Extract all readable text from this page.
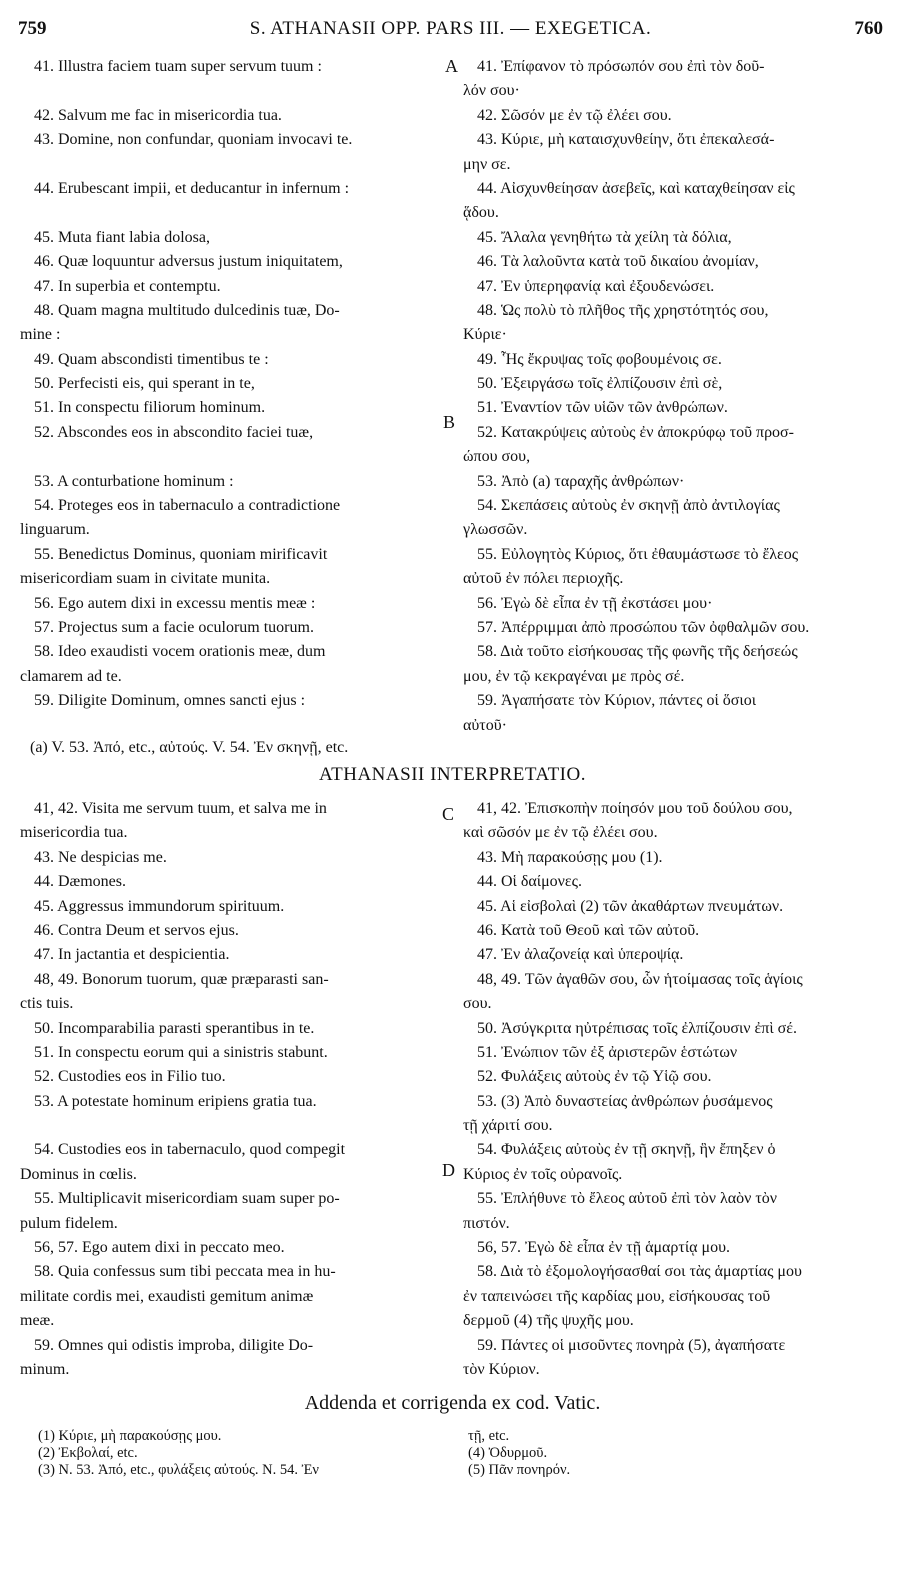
759	S. ATHANASII OPP. PARS III. — EXEGETICA.	760
41. Illustra faciem tuam super servum tuum :
42. Salvum me fac in misericordia tua.
43. Domine, non confundar, quoniam invocavi te.
44. Erubescant impii, et deducantur in infernum :
45. Muta fiant labia dolosa,
46. Quæ loquuntur adversus justum iniquitatem,
47. In superbia et contemptu.
48. Quam magna multitudo dulcedinis tuæ, Do-
mine :
49. Quam abscondisti timentibus te :
50. Perfecisti eis, qui sperant in te,
51. In conspectu filiorum hominum.
52. Abscondes eos in abscondito faciei tuæ,
53. A conturbatione hominum :
54. Proteges eos in tabernaculo a contradictione
linguarum.
55. Benedictus Dominus, quoniam mirificavit
misericordiam suam in civitate munita.
56. Ego autem dixi in excessu mentis meæ :
57. Projectus sum a facie oculorum tuorum.
58. Ideo exaudisti vocem orationis meæ, dum
clamarem ad te.
59. Diligite Dominum, omnes sancti ejus :
41. Ἐπίφανον τὸ πρόσωπόν σου ἐπὶ τὸν δοῦ-
λόν σου·
42. Σῶσόν με ἐν τῷ ἐλέει σου.
43. Κύριε, μὴ καταισχυνθείην, ὅτι ἐπεκαλεσά-
μην σε.
44. Αἰσχυνθείησαν ἀσεβεῖς, καὶ καταχθείησαν εἰς
ᾅδου.
45. Ἄλαλα γενηθήτω τὰ χείλη τὰ δόλια,
46. Τὰ λαλοῦντα κατὰ τοῦ δικαίου ἀνομίαν,
47. Ἐν ὑπερηφανίᾳ καὶ ἐξουδενώσει.
48. Ὡς πολὺ τὸ πλῆθος τῆς χρηστότητός σου,
Κύριε·
49. Ἧς ἔκρυψας τοῖς φοβουμένοις σε.
50. Ἐξειργάσω τοῖς ἐλπίζουσιν ἐπὶ σὲ,
51. Ἐναντίον τῶν υἱῶν τῶν ἀνθρώπων.
52. Κατακρύψεις αὐτοὺς ἐν ἀποκρύφῳ τοῦ προσ-
ώπου σου,
53. Ἀπὸ (a) ταραχῆς ἀνθρώπων·
54. Σκεπάσεις αὐτοὺς ἐν σκηνῇ ἀπὸ ἀντιλογίας
γλωσσῶν.
55. Εὐλογητὸς Κύριος, ὅτι ἐθαυμάστωσε τὸ ἔλεος
αὐτοῦ ἐν πόλει περιοχῆς.
56. Ἐγὼ δὲ εἶπα ἐν τῇ ἐκστάσει μου·
57. Ἀπέρριμμαι ἀπὸ προσώπου τῶν ὀφθαλμῶν σου.
58. Διὰ τοῦτο εἰσήκουσας τῆς φωνῆς τῆς δεήσεώς
μου, ἐν τῷ κεκραγέναι με πρὸς σέ.
59. Ἀγαπήσατε τὸν Κύριον, πάντες οἱ ὅσιοι
αὐτοῦ·
A
B
(a) V. 53. Ἀπό, etc., αὐτούς. V. 54. Ἐν σκηνῇ, etc.
ATHANASII INTERPRETATIO.
41, 42. Visita me servum tuum, et salva me in
misericordia tua.
43. Ne despicias me.
44. Dæmones.
45. Aggressus immundorum spirituum.
46. Contra Deum et servos ejus.
47. In jactantia et despicientia.
48, 49. Bonorum tuorum, quæ præparasti san-
ctis tuis.
50. Incomparabilia parasti sperantibus in te.
51. In conspectu eorum qui a sinistris stabunt.
52. Custodies eos in Filio tuo.
53. A potestate hominum eripiens gratia tua.
54. Custodies eos in tabernaculo, quod compegit
Dominus in cœlis.
55. Multiplicavit misericordiam suam super po-
pulum fidelem.
56, 57. Ego autem dixi in peccato meo.
58. Quia confessus sum tibi peccata mea in hu-
militate cordis mei, exaudisti gemitum animæ
meæ.
59. Omnes qui odistis improba, diligite Do-
minum.
41, 42. Ἐπισκοπὴν ποίησόν μου τοῦ δούλου σου,
καὶ σῶσόν με ἐν τῷ ἐλέει σου.
43. Μὴ παρακούσῃς μου (1).
44. Οἱ δαίμονες.
45. Αἱ εἰσβολαὶ (2) τῶν ἀκαθάρτων πνευμάτων.
46. Κατὰ τοῦ Θεοῦ καὶ τῶν αὐτοῦ.
47. Ἐν ἀλαζονείᾳ καὶ ὑπεροψίᾳ.
48, 49. Τῶν ἀγαθῶν σου, ὧν ἡτοίμασας τοῖς ἁγίοις
σου.
50. Ἀσύγκριτα ηὐτρέπισας τοῖς ἐλπίζουσιν ἐπὶ σέ.
51. Ἐνώπιον τῶν ἐξ ἀριστερῶν ἑστώτων
52. Φυλάξεις αὐτοὺς ἐν τῷ Υἱῷ σου.
53. (3) Ἀπὸ δυναστείας ἀνθρώπων ῥυσάμενος
τῇ χάριτί σου.
54. Φυλάξεις αὐτοὺς ἐν τῇ σκηνῇ, ἣν ἔπηξεν ὁ
Κύριος ἐν τοῖς οὐρανοῖς.
55. Ἐπλήθυνε τὸ ἔλεος αὐτοῦ ἐπὶ τὸν λαὸν τὸν
πιστόν.
56, 57. Ἐγὼ δὲ εἶπα ἐν τῇ ἁμαρτίᾳ μου.
58. Διὰ τὸ ἐξομολογήσασθαί σοι τὰς ἁμαρτίας μου
ἐν ταπεινώσει τῆς καρδίας μου, εἰσήκουσας τοῦ
δερμοῦ (4) τῆς ψυχῆς μου.
59. Πάντες οἱ μισοῦντες πονηρὰ (5), ἀγαπήσατε
τὸν Κύριον.
C
D
Addenda et corrigenda ex cod. Vatic.
(1) Κύριε, μὴ παρακούσῃς μου.
(2) Ἐκβολαί, etc.
(3) N. 53. Ἀπό, etc., φυλάξεις αὐτούς. N. 54. Ἐν
τῇ, etc.
(4) Ὀδυρμοῦ.
(5) Πᾶν πονηρόν.
